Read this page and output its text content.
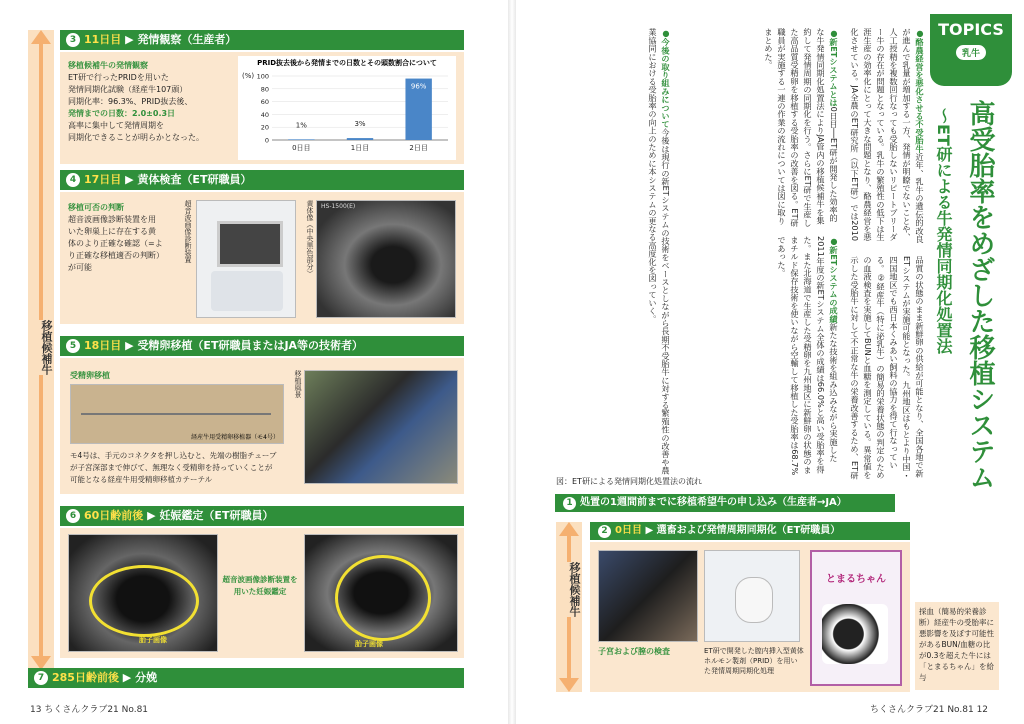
移植候補牛
3 11日目 ▶ 発情観察（生産者）
移植候補牛の発情観察
ET研で行ったPRIDを用いた
発情同期化試験（経産牛107頭）
同期化率：96.3%、PRID抜去後、
発情までの日数：2.0±0.3日
高率に集中して発情周期を
同期化できることが明らかとなった。
PRID抜去後から発情までの日数とその頭数割合について
(%)
0
20
40
60
80
100
1%
0日目
3%
1日目
96%
2日目
4 17日目 ▶ 黄体検査（ET研職員）
移植可否の判断
超音波画像診断装置を用
いた卵巣上に存在する黄
体のより正確な確認（=よ
り正確な移植適否の判断）
が可能
超音波画像診断装置	黄体像（中央黒色部分）	HS-1500(E)
5 18日目 ▶ 受精卵移植（ET研職員またはJA等の技術者）
受精卵移植
経産牛用受精卵移植器（モ4号）
モ4号は、手元のコネクタを押し込むと、先端の樹脂チューブ
が子宮深部まで伸びて、無理なく受精卵を持っていくことが
可能となる経産牛用受精卵移植カテーテル
移植風景
6 60日齢前後 ▶ 妊娠鑑定（ET研職員）
胎子画像
超音波画像診断装置を用いた妊娠鑑定
胎子画像
7 285日齢前後 ▶ 分娩
13 ちくさんクラブ21 No.81
TOPICS
乳牛
高受胎率をめざした移植システム
〜ET研による牛発情同期化処置法
●酪農経営を悪化させる不受胎牛近年、乳牛の遺伝的改良が進んで乳量が増加する一方、発情が明瞭でないことや、人工授精を複数回行なっても受胎しないリピートブリーダー牛の存在が問題となっている。乳牛の繁殖性の低下は生涯生産の効率化にとって大きな問題となり、酪農経営を悪化させている。JA全農のET研究所（以下ET研）では2010
品質の状態のまま新鮮卵の供給が可能となり、全国各地で新ETシステムが実施可能となった。九州地区はもとより中国・四国地区でも西日本くみあい飼料の協力を得て行なっている。②経産牛（特に泌乳牛）の簡易的栄養状態の判定のための血液検査を実施してBUNと血糖を測定している。異常値を示した受胎牛に対して不正常な牛の栄養改善するため、ET研
●新ETシステムとは0日目──ET研が開発した効率的な牛発情同期化処置法によりJA管内の移植候補牛を集約して発情周期の同期化を行う。さらにET研で生産した高品質受精卵を移植する受胎率の改善を図る。ET研職員が実施する一連の作業の流れについては図に取りまとめた。
●新ETシステムの成績新たな技術を組み込みながら実施した2011年度の新ETシステム全体の成績は66.0%と高い受胎率を得た。また北海道で生産した受精卵を九州地区に新鮮卵の状態のままチルド保存技術を使いながら空輸して移植した受胎率は68.7%であった。
●今後の取り組みについて今後は現行の新ETシステムの技術をベースとしながら長期不受胎牛に対する繁殖性の改善や農業協同における受胎率の向上のために本システムの更なる高度化を図っていく。
図：ET研による発情同期化処置法の流れ
1 処置の1週間前までに移植希望牛の申し込み（生産者→JA）
移植候補牛
2 0日目 ▶ 選畜および発情周期同期化（ET研職員）
子宮および膣の検査	ET研で開発した膣内挿入型黄体ホルモン製剤（PRID）を用いた発情周期同期化処理
とまるちゃん
採血（簡易的栄養診断）経産牛の受胎率に悪影響を及ぼす可能性があるBUN/血糖の比が0.3を超えた牛には「とまるちゃん」を給与
ちくさんクラブ21 No.81 12
